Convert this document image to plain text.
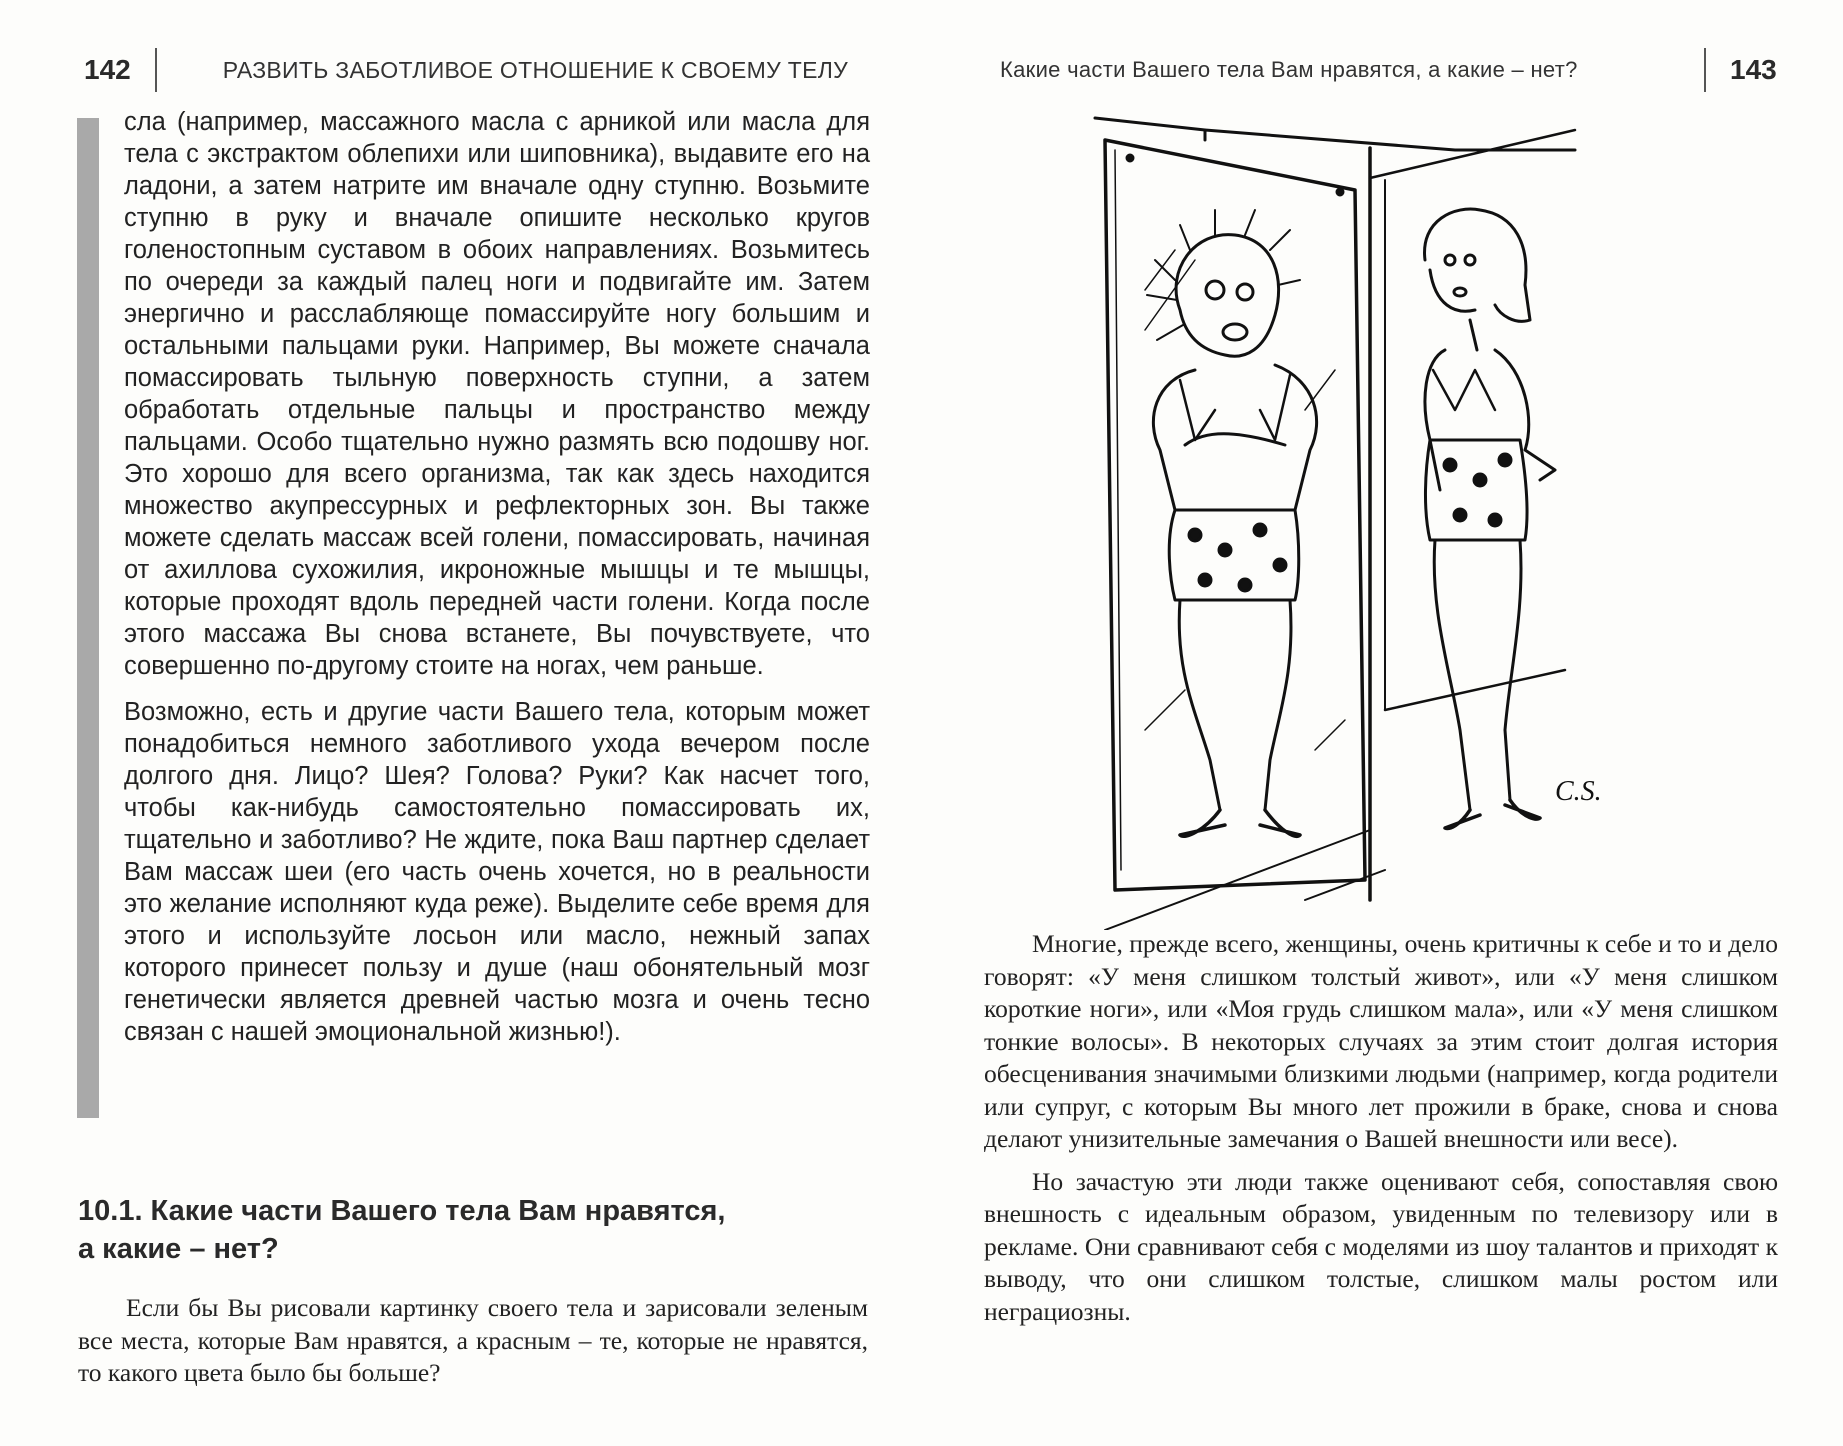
142	РАЗВИТЬ ЗАБОТЛИВОЕ ОТНОШЕНИЕ К СВОЕМУ ТЕЛУ

сла (например, массажного масла с арникой или масла для тела с экстрактом облепихи или шиповника), выдавите его на ладони, а затем натрите им вначале одну ступню. Возьмите ступню в руку и вначале опишите несколько кругов голеностопным суставом в обоих направлениях. Возьмитесь по очереди за каждый палец ноги и подвигайте им. Затем энергично и расслабляюще помассируйте ногу большим и остальными пальцами руки. Например, Вы можете сначала помассировать тыльную поверхность ступни, а затем обработать отдельные пальцы и пространство между пальцами. Особо тщательно нужно размять всю подошву ног. Это хорошо для всего организма, так как здесь находится множество акупрессурных и рефлекторных зон. Вы также можете сделать массаж всей голени, помассировать, начиная от ахиллова сухожилия, икроножные мышцы и те мышцы, которые проходят вдоль передней части голени. Когда после этого массажа Вы снова встанете, Вы почувствуете, что совершенно по-другому стоите на ногах, чем раньше.

Возможно, есть и другие части Вашего тела, которым может понадобиться немного заботливого ухода вечером после долгого дня. Лицо? Шея? Голова? Руки? Как насчет того, чтобы как-нибудь самостоятельно помассировать их, тщательно и заботливо? Не ждите, пока Ваш партнер сделает Вам массаж шеи (его часть очень хочется, но в реальности это желание исполняют куда реже). Выделите себе время для этого и используйте лосьон или масло, нежный запах которого принесет пользу и душе (наш обонятельный мозг генетически является древней частью мозга и очень тесно связан с нашей эмоциональной жизнью!).

10.1. Какие части Вашего тела Вам нравятся,
а какие – нет?

Если бы Вы рисовали картинку своего тела и зарисовали зеленым все места, которые Вам нравятся, а красным – те, которые не нравятся, то какого цвета было бы больше?

Какие части Вашего тела Вам нравятся, а какие – нет?	143
C.S.

Многие, прежде всего, женщины, очень критичны к себе и то и дело говорят: «У меня слишком толстый живот», или «У меня слишком короткие ноги», или «Моя грудь слишком мала», или «У меня слишком тонкие волосы». В некоторых случаях за этим стоит долгая история обесценивания значимыми близкими людьми (например, когда родители или супруг, с которым Вы много лет прожили в браке, снова и снова делают унизительные замечания о Вашей внешности или весе).

Но зачастую эти люди также оценивают себя, сопоставляя свою внешность с идеальным образом, увиденным по телевизору или в рекламе. Они сравнивают себя с моделями из шоу талантов и приходят к выводу, что они слишком толстые, слишком малы ростом или неграциозны.
